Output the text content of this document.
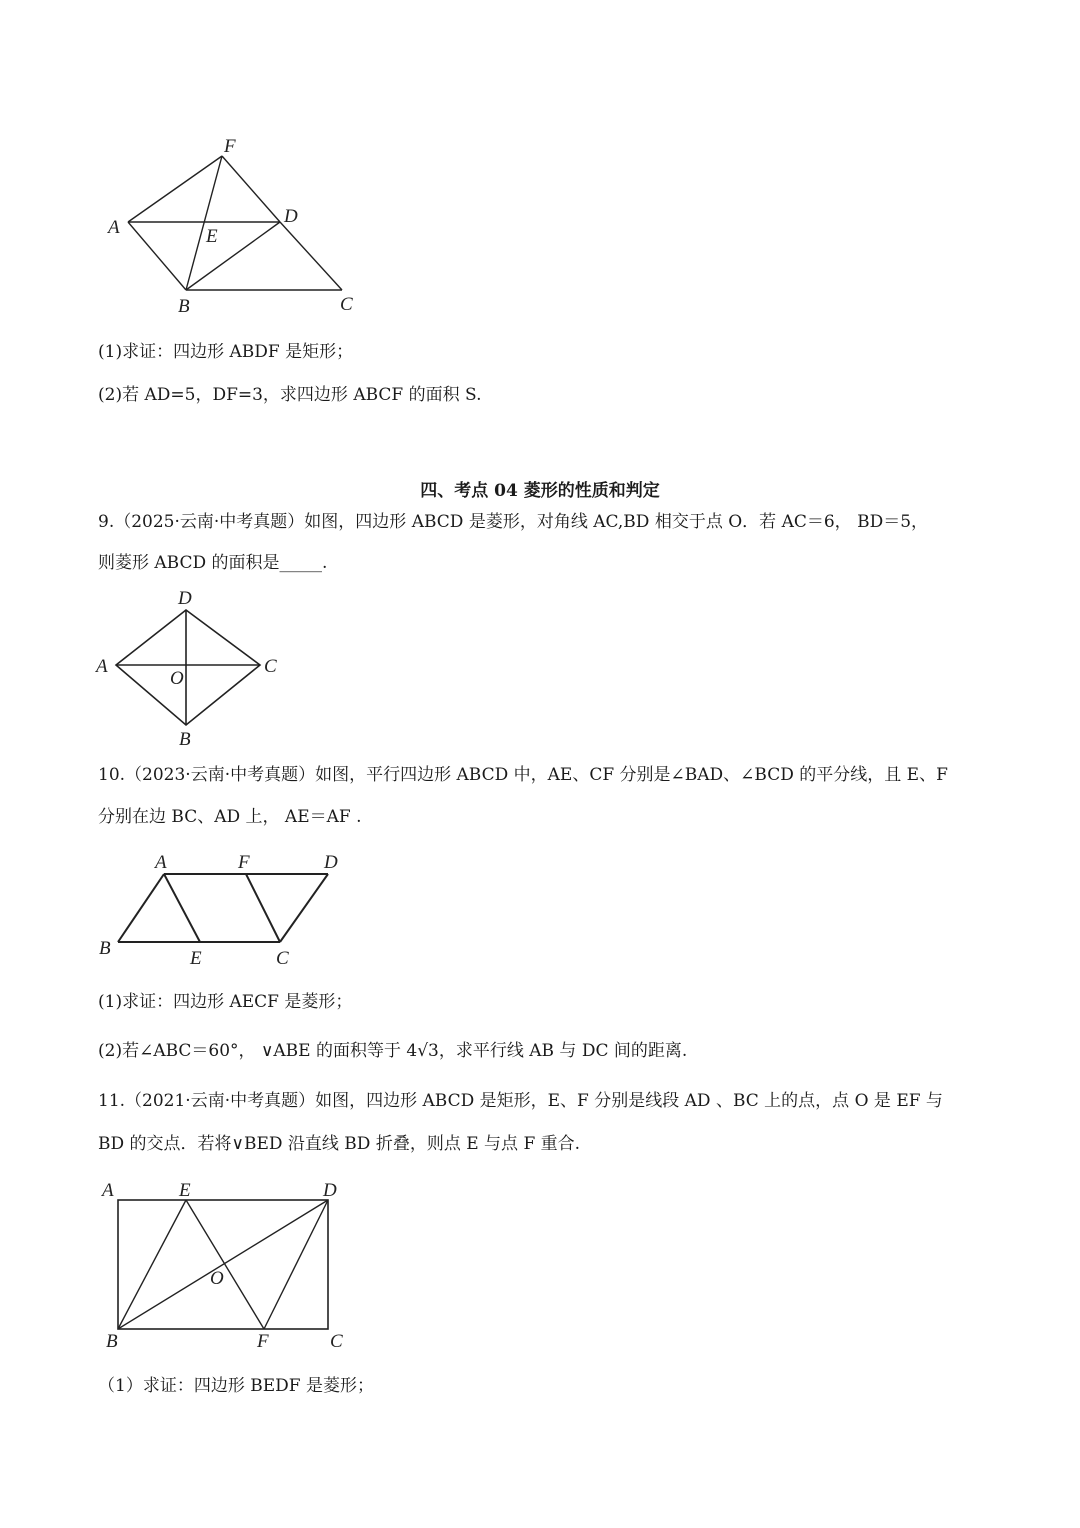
F
A
D
E
B	C
(1)求证：四边形 ABDF 是矩形；
(2)若 AD=5，DF=3，求四边形 ABCF 的面积 S.
四、考点 04 菱形的性质和判定
9.（2025·云南·中考真题）如图，四边形 ABCD 是菱形，对角线 AC,BD 相交于点 O．若 AC＝6， BD＝5，
则菱形 ABCD 的面积是_____.
D
A
O
C
B
10.（2023·云南·中考真题）如图，平行四边形 ABCD 中，AE、CF 分别是∠BAD、∠BCD 的平分线，且 E、F
分别在边 BC、AD 上， AE＝AF .
A	F	D
B	E	C
(1)求证：四边形 AECF 是菱形；
(2)若∠ABC＝60°， ∨ABE 的面积等于 4√3，求平行线 AB 与 DC 间的距离.
11.（2021·云南·中考真题）如图，四边形 ABCD 是矩形，E、F 分别是线段 AD 、BC 上的点，点 O 是 EF 与
BD 的交点．若将∨BED 沿直线 BD 折叠，则点 E 与点 F 重合.
A	E	D
O
B	F	C
（1）求证：四边形 BEDF 是菱形；
